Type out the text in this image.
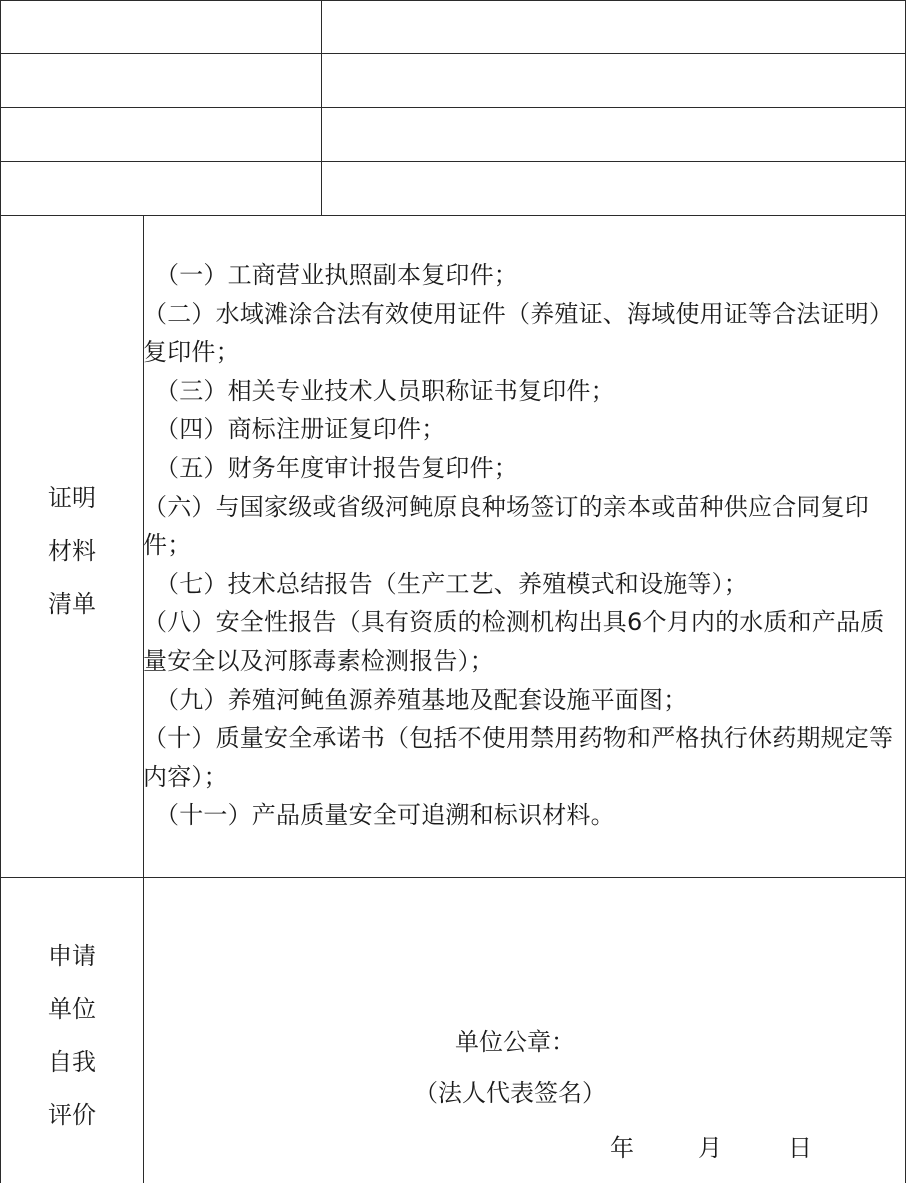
证明
材料
清单
（一）工商营业执照副本复印件；
（二）水域滩涂合法有效使用证件（养殖证、海域使用证等合法证明）复印件；
（三）相关专业技术人员职称证书复印件；
（四）商标注册证复印件；
（五）财务年度审计报告复印件；
（六）与国家级或省级河鲀原良种场签订的亲本或苗种供应合同复印件；
（七）技术总结报告（生产工艺、养殖模式和设施等）；
（八）安全性报告（具有资质的检测机构出具6个月内的水质和产品质量安全以及河豚毒素检测报告）；
（九）养殖河鲀鱼源养殖基地及配套设施平面图；
（十）质量安全承诺书（包括不使用禁用药物和严格执行休药期规定等内容）；
（十一）产品质量安全可追溯和标识材料。
申请
单位
自我
评价
单位公章：
（法人代表签名）
年	月	日
